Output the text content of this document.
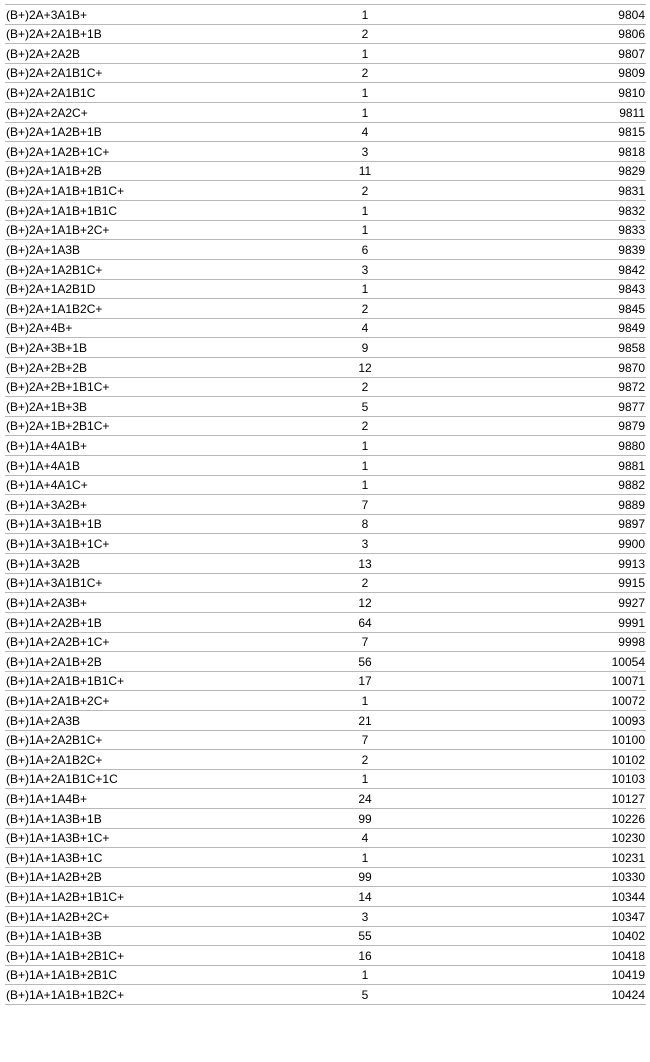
(B+)2A+3A1B+	1	9804
(B+)2A+2A1B+1B	2	9806
(B+)2A+2A2B	1	9807
(B+)2A+2A1B1C+	2	9809
(B+)2A+2A1B1C	1	9810
(B+)2A+2A2C+	1	9811
(B+)2A+1A2B+1B	4	9815
(B+)2A+1A2B+1C+	3	9818
(B+)2A+1A1B+2B	11	9829
(B+)2A+1A1B+1B1C+	2	9831
(B+)2A+1A1B+1B1C	1	9832
(B+)2A+1A1B+2C+	1	9833
(B+)2A+1A3B	6	9839
(B+)2A+1A2B1C+	3	9842
(B+)2A+1A2B1D	1	9843
(B+)2A+1A1B2C+	2	9845
(B+)2A+4B+	4	9849
(B+)2A+3B+1B	9	9858
(B+)2A+2B+2B	12	9870
(B+)2A+2B+1B1C+	2	9872
(B+)2A+1B+3B	5	9877
(B+)2A+1B+2B1C+	2	9879
(B+)1A+4A1B+	1	9880
(B+)1A+4A1B	1	9881
(B+)1A+4A1C+	1	9882
(B+)1A+3A2B+	7	9889
(B+)1A+3A1B+1B	8	9897
(B+)1A+3A1B+1C+	3	9900
(B+)1A+3A2B	13	9913
(B+)1A+3A1B1C+	2	9915
(B+)1A+2A3B+	12	9927
(B+)1A+2A2B+1B	64	9991
(B+)1A+2A2B+1C+	7	9998
(B+)1A+2A1B+2B	56	10054
(B+)1A+2A1B+1B1C+	17	10071
(B+)1A+2A1B+2C+	1	10072
(B+)1A+2A3B	21	10093
(B+)1A+2A2B1C+	7	10100
(B+)1A+2A1B2C+	2	10102
(B+)1A+2A1B1C+1C	1	10103
(B+)1A+1A4B+	24	10127
(B+)1A+1A3B+1B	99	10226
(B+)1A+1A3B+1C+	4	10230
(B+)1A+1A3B+1C	1	10231
(B+)1A+1A2B+2B	99	10330
(B+)1A+1A2B+1B1C+	14	10344
(B+)1A+1A2B+2C+	3	10347
(B+)1A+1A1B+3B	55	10402
(B+)1A+1A1B+2B1C+	16	10418
(B+)1A+1A1B+2B1C	1	10419
(B+)1A+1A1B+1B2C+	5	10424
